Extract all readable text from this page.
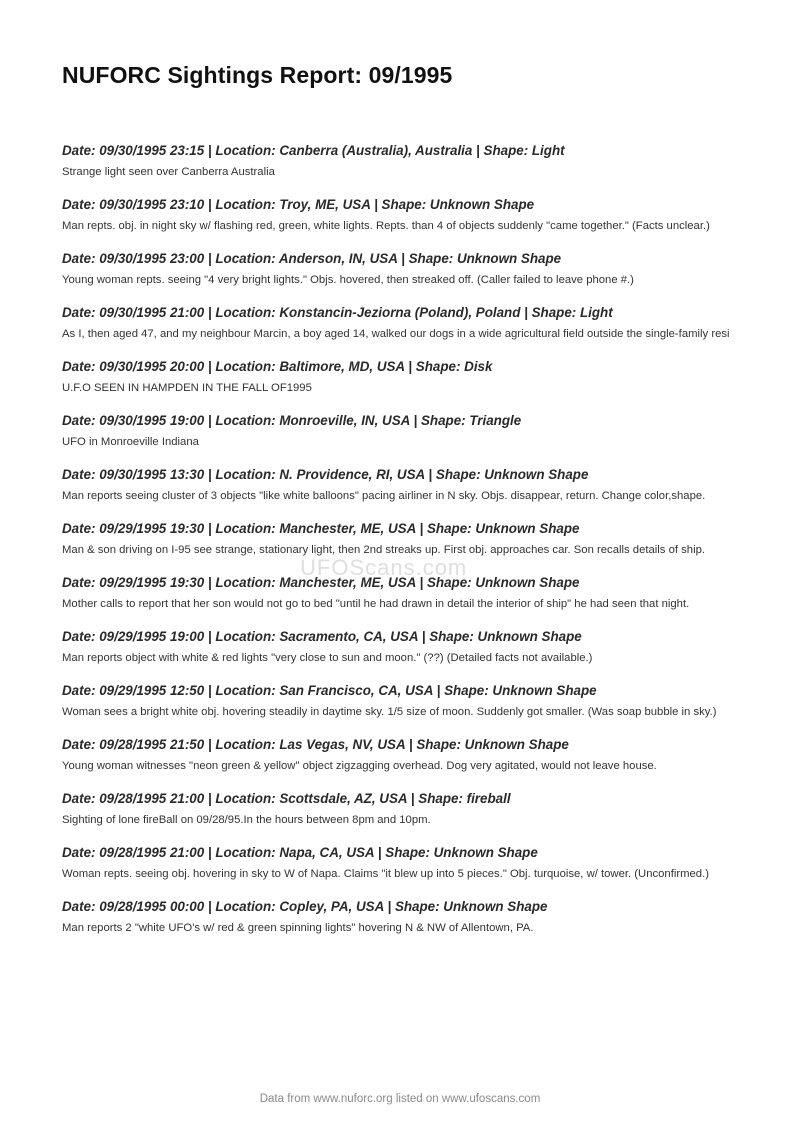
NUFORC Sightings Report: 09/1995

Date: 09/30/1995 23:15 | Location: Canberra (Australia), Australia | Shape: Light

Strange light seen over Canberra Australia

Date: 09/30/1995 23:10 | Location: Troy, ME, USA | Shape: Unknown Shape

Man repts. obj. in night sky w/ flashing red, green, white lights. Repts. than 4 of objects suddenly "came together." (Facts unclear.)

Date: 09/30/1995 23:00 | Location: Anderson, IN, USA | Shape: Unknown Shape

Young woman repts. seeing "4 very bright lights." Objs. hovered, then streaked off. (Caller failed to leave phone #.)

Date: 09/30/1995 21:00 | Location: Konstancin-Jeziorna (Poland), Poland | Shape: Light

As I, then aged 47, and my neighbour Marcin, a boy aged 14, walked our dogs in a wide agricultural field outside the single-family resi

Date: 09/30/1995 20:00 | Location: Baltimore, MD, USA | Shape: Disk

U.F.O SEEN IN HAMPDEN IN THE FALL OF1995

Date: 09/30/1995 19:00 | Location: Monroeville, IN, USA | Shape: Triangle

UFO in Monroeville Indiana

Date: 09/30/1995 13:30 | Location: N. Providence, RI, USA | Shape: Unknown Shape

Man reports seeing cluster of 3 objects "like white balloons" pacing airliner in N sky. Objs. disappear, return. Change color,shape.

Date: 09/29/1995 19:30 | Location: Manchester, ME, USA | Shape: Unknown Shape

Man & son driving on I-95 see strange, stationary light, then 2nd streaks up. First obj. approaches car. Son recalls details of ship.

Date: 09/29/1995 19:30 | Location: Manchester, ME, USA | Shape: Unknown Shape

Mother calls to report that her son would not go to bed "until he had drawn in detail the interior of ship" he had seen that night.

Date: 09/29/1995 19:00 | Location: Sacramento, CA, USA | Shape: Unknown Shape

Man reports object with white & red lights "very close to sun and moon." (??) (Detailed facts not available.)

Date: 09/29/1995 12:50 | Location: San Francisco, CA, USA | Shape: Unknown Shape

Woman sees a bright white obj. hovering steadily in daytime sky. 1/5 size of moon. Suddenly got smaller. (Was soap bubble in sky.)

Date: 09/28/1995 21:50 | Location: Las Vegas, NV, USA | Shape: Unknown Shape

Young woman witnesses "neon green & yellow" object zigzagging overhead. Dog very agitated, would not leave house.

Date: 09/28/1995 21:00 | Location: Scottsdale, AZ, USA | Shape: fireball

Sighting of lone fireBall on 09/28/95.In the hours between 8pm and 10pm.

Date: 09/28/1995 21:00 | Location: Napa, CA, USA | Shape: Unknown Shape

Woman repts. seeing obj. hovering in sky to W of Napa. Claims "it blew up into 5 pieces." Obj. turquoise, w/ tower. (Unconfirmed.)

Date: 09/28/1995 00:00 | Location: Copley, PA, USA | Shape: Unknown Shape

Man reports 2 "white UFO's w/ red & green spinning lights" hovering N & NW of Allentown, PA.

UFOScans.com
Data from www.nuforc.org listed on www.ufoscans.com
